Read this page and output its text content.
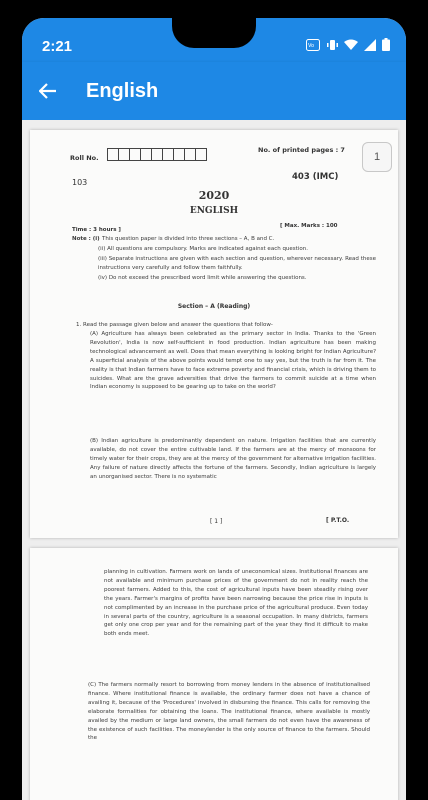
2:21	Vo
English
Roll No.
No. of printed pages : 7
103
403 (IMC)
2020
ENGLISH
Time : 3 hours ]
[ Max. Marks : 100
Note : (i) This question paper is divided into three sections – A, B and C.
(ii) All questions are compulsory. Marks are indicated against each question.
(iii) Separate instructions are given with each section and question, wherever necessary. Read these instructions very carefully and follow them faithfully.
(iv) Do not exceed the prescribed word limit while answering the questions.
Section – A (Reading)
1. Read the passage given below and answer the questions that follow-
(A) Agriculture has always been celebrated as the primary sector in India. Thanks to the 'Green Revolution', India is now self-sufficient in food production. Indian agriculture has been making technological advancement as well. Does that mean everything is looking bright for Indian Agriculture? A superficial analysis of the above points would tempt one to say yes, but the truth is far from it. The reality is that Indian farmers have to face extreme poverty and financial crisis, which is driving them to suicides. What are the grave adversities that drive the farmers to commit suicide at a time when Indian economy is supposed to be gearing up to take on the world?
(B) Indian agriculture is predominantly dependent on nature. Irrigation facilities that are currently available, do not cover the entire cultivable land. If the farmers are at the mercy of monsoons for timely water for their crops, they are at the mercy of the government for alternative irrigation facilities. Any failure of nature directly affects the fortune of the farmers. Secondly, Indian agriculture is largely an unorganised sector. There is no systematic
[ 1 ]	[ P.T.O.
1
planning in cultivation. Farmers work on lands of uneconomical sizes. Institutional finances are not available and minimum purchase prices of the government do not in reality reach the poorest farmers. Added to this, the cost of agricultural inputs have been steadily rising over the years. Farmer's margins of profits have been narrowing because the price rise in inputs is not complimented by an increase in the purchase price of the agricultural produce. Even today in several parts of the country, agriculture is a seasonal occupation. In many districts, farmers get only one crop per year and for the remaining part of the year they find it difficult to make both ends meet.
(C) The farmers normally resort to borrowing from money lenders in the absence of institutionalised finance. Where institutional finance is available, the ordinary farmer does not have a chance of availing it, because of the 'Procedures' involved in disbursing the finance. This calls for removing the elaborate formalities for obtaining the loans. The institutional finance, where available is mostly availed by the medium or large land owners, the small farmers do not even have the awareness of the existence of such facilities. The moneylender is the only source of finance to the farmers. Should the
